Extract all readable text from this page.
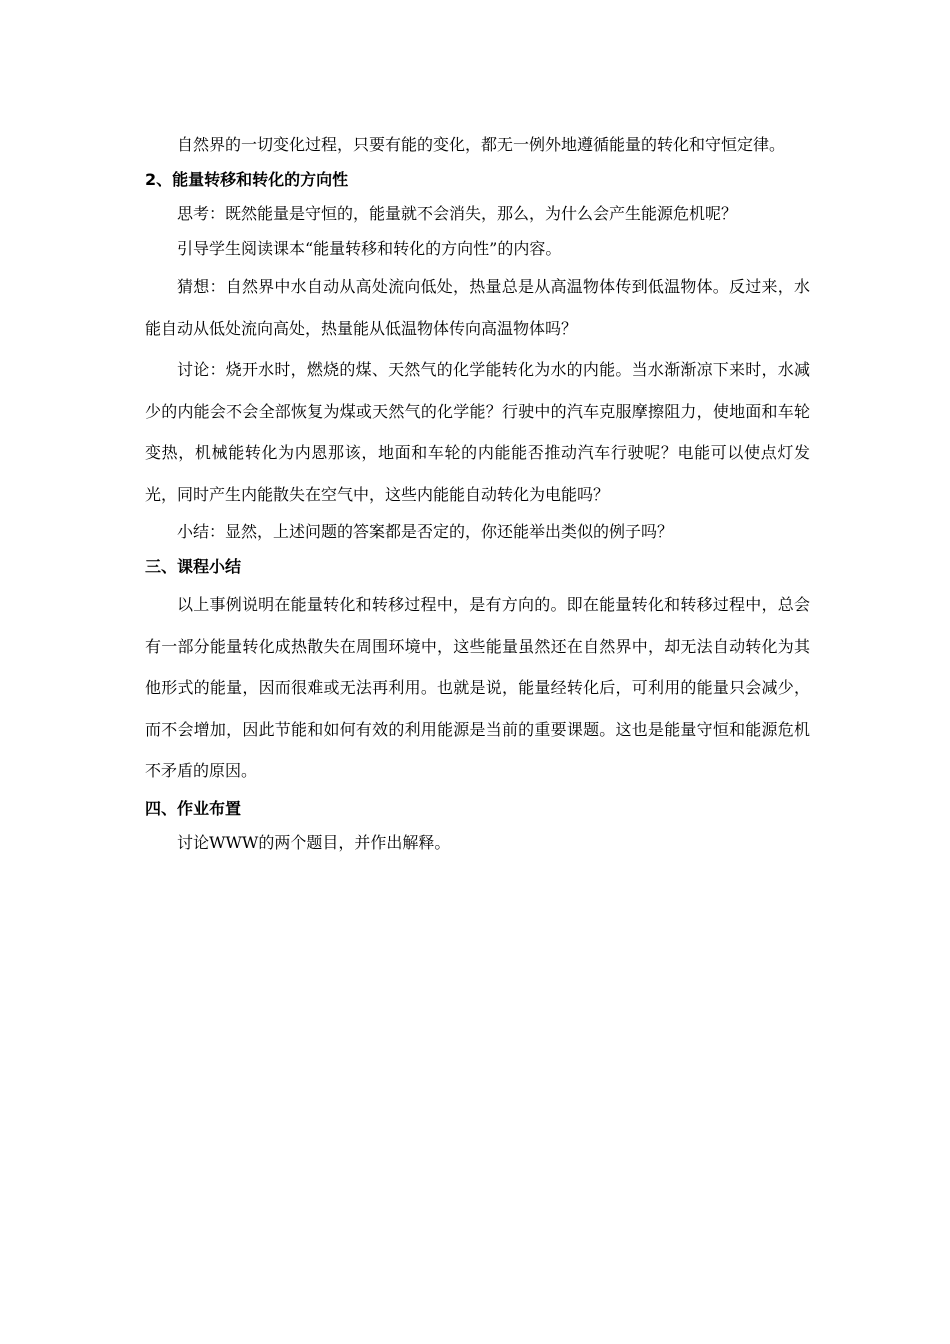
自然界的一切变化过程，只要有能的变化，都无一例外地遵循能量的转化和守恒定律。

2、能量转移和转化的方向性

思考：既然能量是守恒的，能量就不会消失，那么，为什么会产生能源危机呢？

引导学生阅读课本“能量转移和转化的方向性”的内容。

猜想：自然界中水自动从高处流向低处，热量总是从高温物体传到低温物体。反过来，水能自动从低处流向高处，热量能从低温物体传向高温物体吗？

讨论：烧开水时，燃烧的煤、天然气的化学能转化为水的内能。当水渐渐凉下来时，水减少的内能会不会全部恢复为煤或天然气的化学能？行驶中的汽车克服摩擦阻力，使地面和车轮变热，机械能转化为内恩那该，地面和车轮的内能能否推动汽车行驶呢？电能可以使点灯发光，同时产生内能散失在空气中，这些内能能自动转化为电能吗？

小结：显然，上述问题的答案都是否定的，你还能举出类似的例子吗？

三、课程小结

以上事例说明在能量转化和转移过程中，是有方向的。即在能量转化和转移过程中，总会有一部分能量转化成热散失在周围环境中，这些能量虽然还在自然界中，却无法自动转化为其他形式的能量，因而很难或无法再利用。也就是说，能量经转化后，可利用的能量只会减少，而不会增加，因此节能和如何有效的利用能源是当前的重要课题。这也是能量守恒和能源危机不矛盾的原因。

四、作业布置

讨论WWW的两个题目，并作出解释。
